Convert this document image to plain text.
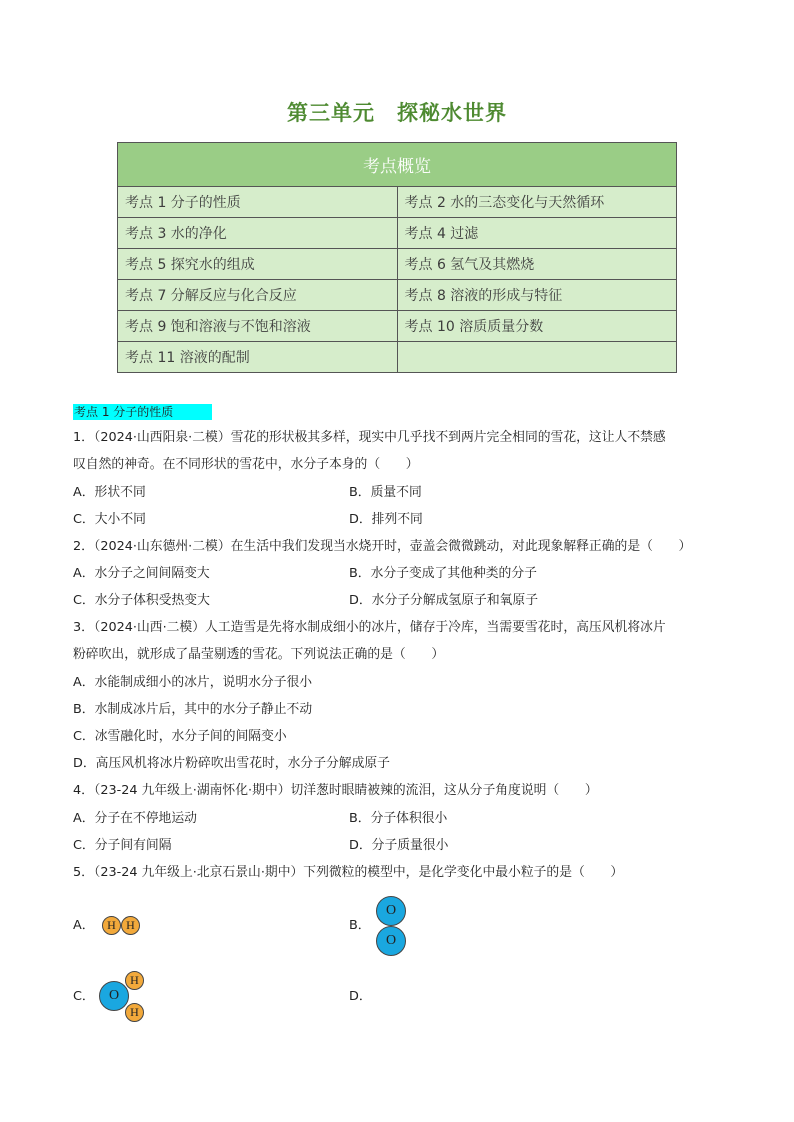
第三单元　探秘水世界
考点概览	
考点 1 分子的性质	考点 2 水的三态变化与天然循环
考点 3 水的净化	考点 4 过滤
考点 5 探究水的组成	考点 6 氢气及其燃烧
考点 7 分解反应与化合反应	考点 8 溶液的形成与特征
考点 9 饱和溶液与不饱和溶液	考点 10 溶质质量分数
考点 11 溶液的配制	
考点 1 分子的性质
1．（2024·山西阳泉·二模）雪花的形状极其多样，现实中几乎找不到两片完全相同的雪花，这让人不禁感
叹自然的神奇。在不同形状的雪花中，水分子本身的（　　）
A．形状不同	B．质量不同
C．大小不同	D．排列不同
2．（2024·山东德州·二模）在生活中我们发现当水烧开时，壶盖会微微跳动，对此现象解释正确的是（　　）
A．水分子之间间隔变大	B．水分子变成了其他种类的分子
C．水分子体积受热变大	D．水分子分解成氢原子和氧原子
3．（2024·山西·二模）人工造雪是先将水制成细小的冰片，储存于冷库，当需要雪花时，高压风机将冰片
粉碎吹出，就形成了晶莹剔透的雪花。下列说法正确的是（　　）
A．水能制成细小的冰片，说明水分子很小
B．水制成冰片后，其中的水分子静止不动
C．冰雪融化时，水分子间的间隔变小
D．高压风机将冰片粉碎吹出雪花时，水分子分解成原子
4．（23-24 九年级上·湖南怀化·期中）切洋葱时眼睛被辣的流泪，这从分子角度说明（　　）
A．分子在不停地运动	B．分子体积很小
C．分子间有间隔	D．分子质量很小
5．（23-24 九年级上·北京石景山·期中）下列微粒的模型中，是化学变化中最小粒子的是（　　）
A．	H H	B．
O
O
C．
H
H
O	D．
